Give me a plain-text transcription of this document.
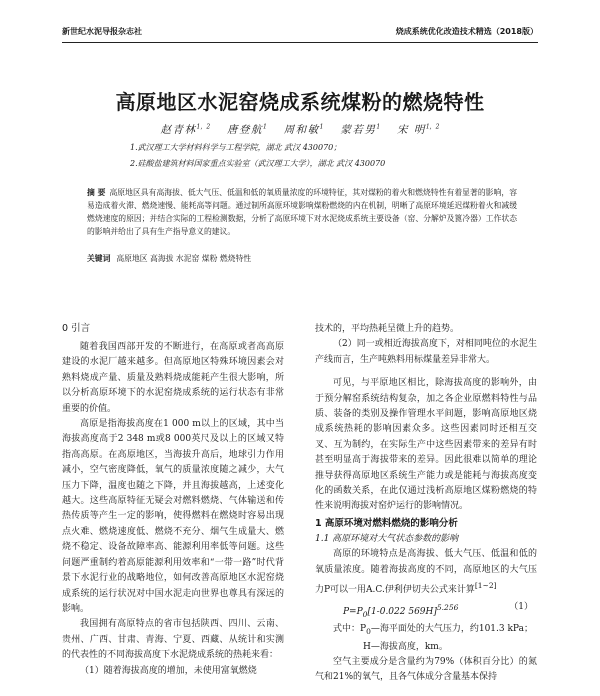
新世纪水泥导报杂志社	烧成系统优化改造技术精选（2018版）
高原地区水泥窑烧成系统煤粉的燃烧特性
赵青林$^{1,2}$ 唐登航$^1$ 周和敏$^1$ 蒙若男$^1$ 宋 明$^{1,2}$
1.武汉理工大学材料科学与工程学院，湖北 武汉 430070；
2.硅酸盐建筑材料国家重点实验室（武汉理工大学），湖北 武汉 430070
摘 要 高原地区具有高海拔、低大气压、低温和低的氧质量浓度的环境特征，其对煤粉的着火和燃烧特性有着显著的影响，容易造成着火滞、燃烧速慢、能耗高等问题。通过制所高原环境影响煤粉燃烧的内在机制，明晰了高原环境延迟煤粉着火和减缓燃烧速度的原因；并结合实际的工程检测数据，分析了高原环境下对水泥烧成系统主要设备（窑、分解炉及篦冷器）工作状态的影响并给出了具有生产指导意义的建议。
关键词 高原地区 高海拔 水泥窑 煤粉 燃烧特性
0 引言

随着我国西部开发的不断进行，在高原或者高高原建设的水泥厂越来越多。但高原地区特殊环境因素会对熟料烧成产量、质量及熟料烧成能耗产生很大影响，所以分析高原环境下的水泥窑烧成系统的运行状态有非常重要的价值。

高原是指海拔高度在1 000 m以上的区域，其中当海拔高度高于2 348 m或8 000英尺及以上的区域又特指高高原。在高原地区，当海拔升高后，地球引力作用减小，空气密度降低，氧气的质量浓度随之减少，大气压力下降，温度也随之下降，并且海拔越高，上述变化越大。这些高原特征无疑会对燃料燃烧、气体输送和传热传质等产生一定的影响，使得燃料在燃烧时容易出现点火难、燃烧速度低、燃烧不充分、烟气生成量大、燃烧不稳定、设备故障率高、能源利用率低等问题。这些问题严重制约着高原能源利用效率和“一带一路”时代背景下水泥行业的战略地位，如何改善高原地区水泥窑烧成系统的运行状况对中国水泥走向世界也尊具有深远的影响。

我国拥有高原特点的省市包括陕西、四川、云南、贵州、广西、甘肃、青海、宁夏、西藏、从统计和实测的代表性的不同海拔高度下水泥烧成系统的热耗来看：

（1）随着海拔高度的增加，未使用富氧燃烧

技术的，平均热耗呈微上升的趋势。

（2）同一或相近海拔高度下，对相同吨位的水泥生产线而言，生产吨熟料用标煤量差异非常大。

可见，与平原地区相比，除海拔高度的影响外，由于预分解窑系统结构复杂，加之各企业原燃料特性与品质、装备的类别及操作管理水平间题，影响高原地区烧成系统热耗的影响因素众多。这些因素同时还相互交叉、互为制约，在实际生产中这些因素带来的差异有时甚至明显高于海拔带来的差异。因此很难以简单的理论推导获得高原地区系统生产能力或是能耗与海拔高度变化的函数关系，在此仅通过浅析高原地区煤粉燃烧的特性来说明海拔对窑炉运行的影响情况。

1 高原环境对燃料燃烧的影响分析
1.1 高原环境对大气状态参数的影响

高原的环境特点是高海拔、低大气压、低温和低的氧质量浓度。随着海拔高度的不同，高原地区的大气压力P可以一用A.C.伊利伊切夫公式来计算[1~2]

$P=P_0[1-0.022$ 569H]$^{5.256}$	（1）

式中：$P_0—$海平面处的大气压力，约101.3 kPa；

H—海拔高度，km。

空气主要成分是含量约为79%（体积百分比）的氮气和21%的氧气，且各气体成分含量基本保持
